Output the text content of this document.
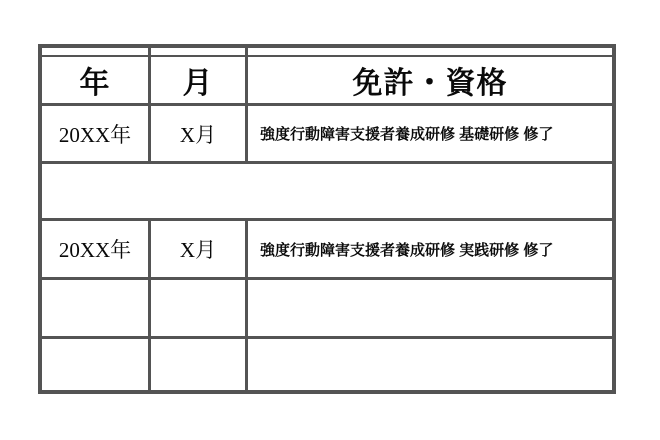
年	月	免許・資格
20XX年	X月	強度行動障害支援者養成研修 基礎研修 修了
20XX年	X月	強度行動障害支援者養成研修 実践研修 修了
